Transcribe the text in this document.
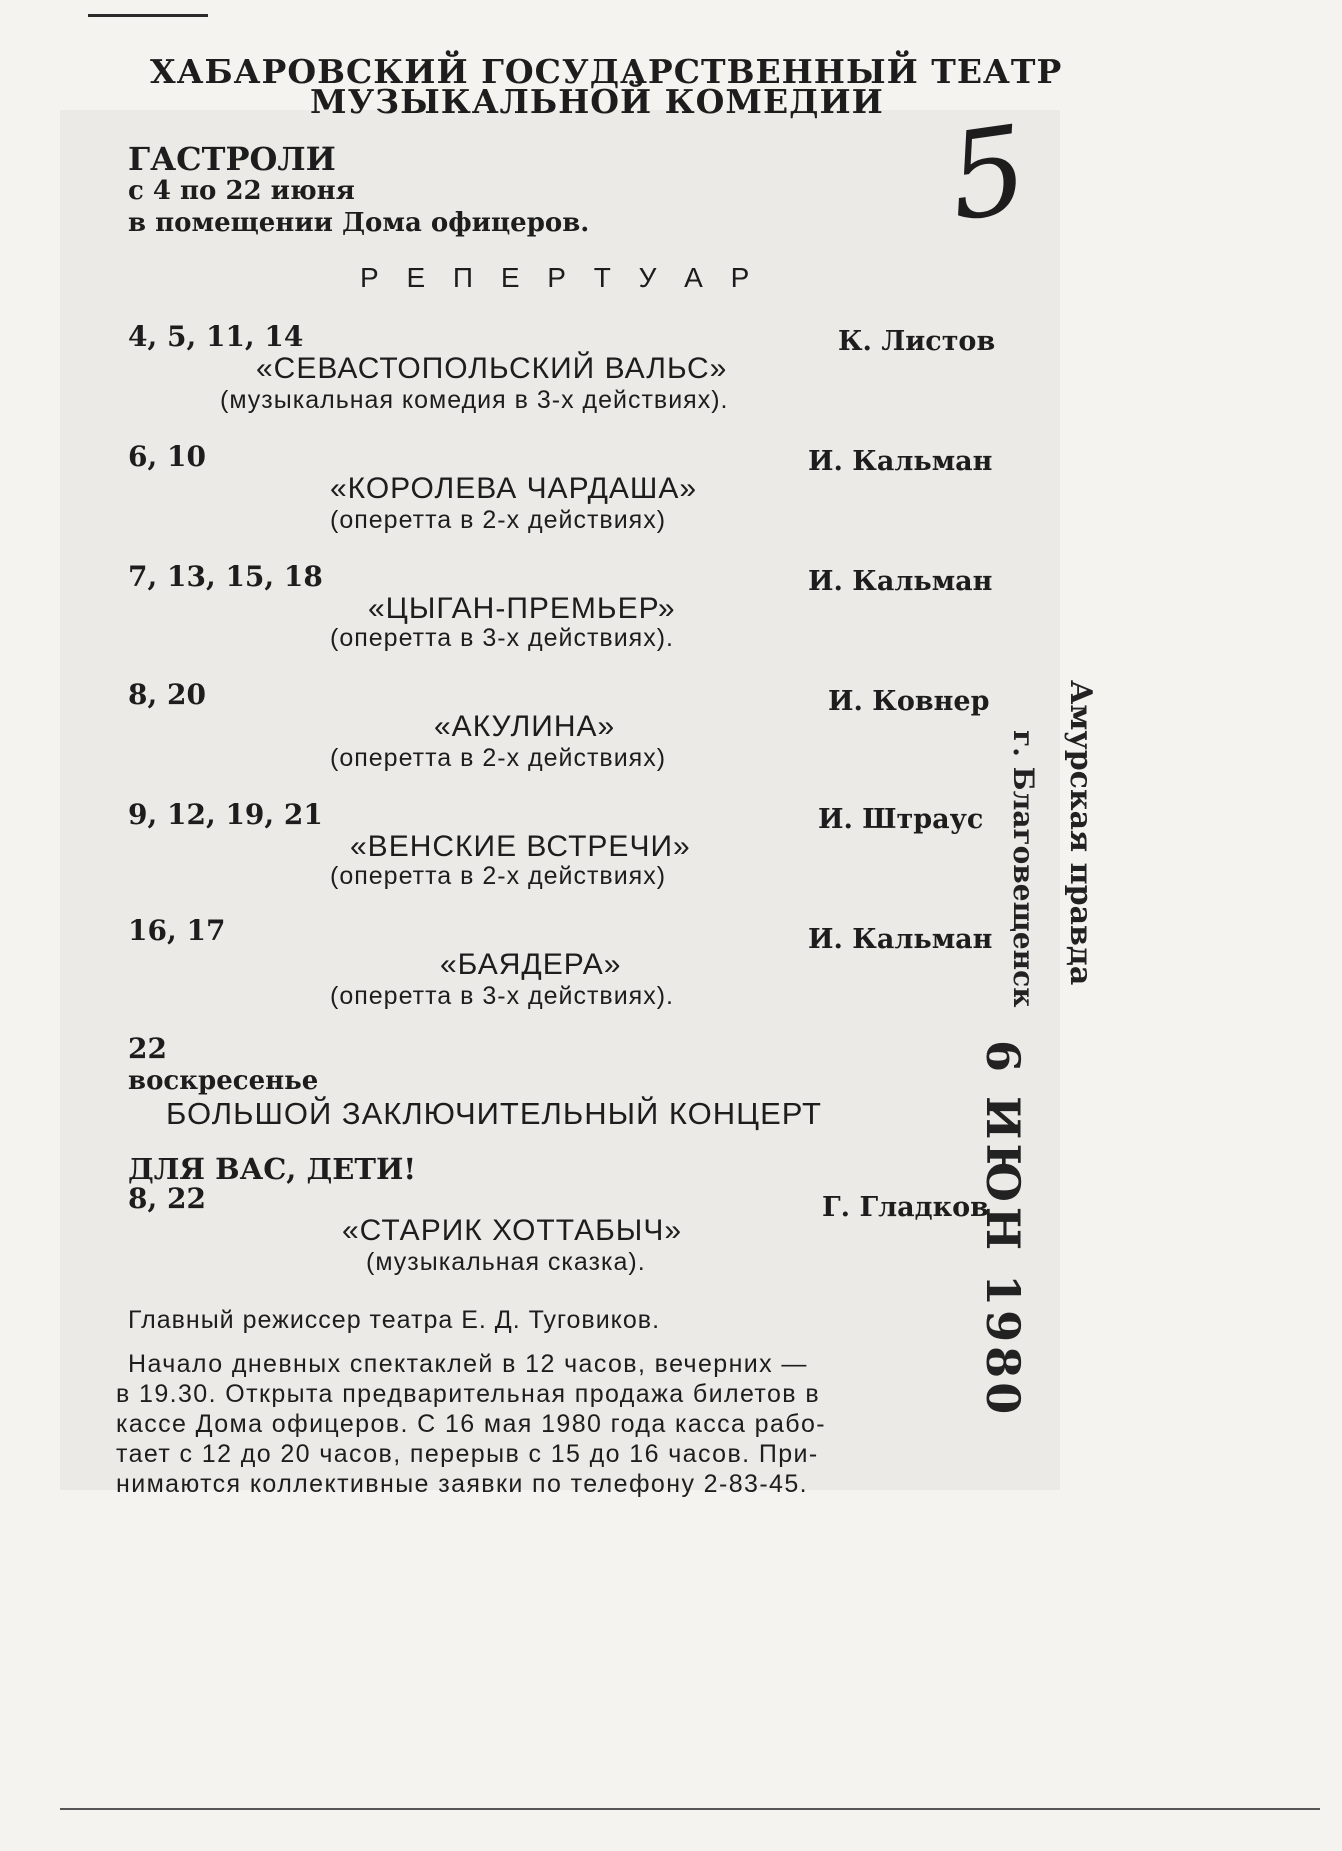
ХАБАРОВСКИЙ ГОСУДАРСТВЕННЫЙ ТЕАТР
МУЗЫКАЛЬНОЙ КОМЕДИИ 5
ГАСТРОЛИ
с 4 по 22 июня
в помещении Дома офицеров.
Р Е П Е Р Т У А Р
4, 5, 11, 14	К. Листов
«СЕВАСТОПОЛЬСКИЙ ВАЛЬС»
(музыкальная комедия в 3-х действиях).
6, 10	И. Кальман
«КОРОЛЕВА ЧАРДАША»
(оперетта в 2-х действиях)
7, 13, 15, 18	И. Кальман
«ЦЫГАН-ПРЕМЬЕР»
(оперетта в 3-х действиях).
8, 20	И. Ковнер
«АКУЛИНА»
(оперетта в 2-х действиях)
9, 12, 19, 21	И. Штраус
«ВЕНСКИЕ ВСТРЕЧИ»
(оперетта в 2-х действиях)
16, 17	И. Кальман
«БАЯДЕРА»
(оперетта в 3-х действиях).
22
воскресенье
БОЛЬШОЙ ЗАКЛЮЧИТЕЛЬНЫЙ КОНЦЕРТ
ДЛЯ ВАС, ДЕТИ!
8, 22	Г. Гладков
«СТАРИК ХОТТАБЫЧ»
(музыкальная сказка).
Главный режиссер театра Е. Д. Туговиков.
Начало дневных спектаклей в 12 часов, вечерних —
в 19.30. Открыта предварительная продажа билетов в
кассе Дома офицеров. С 16 мая 1980 года касса рабо-
тает с 12 до 20 часов, перерыв с 15 до 16 часов. При-
нимаются коллективные заявки по телефону 2-83-45.
Амурская правда
г. Благовещенск
6 ИЮН 1980
